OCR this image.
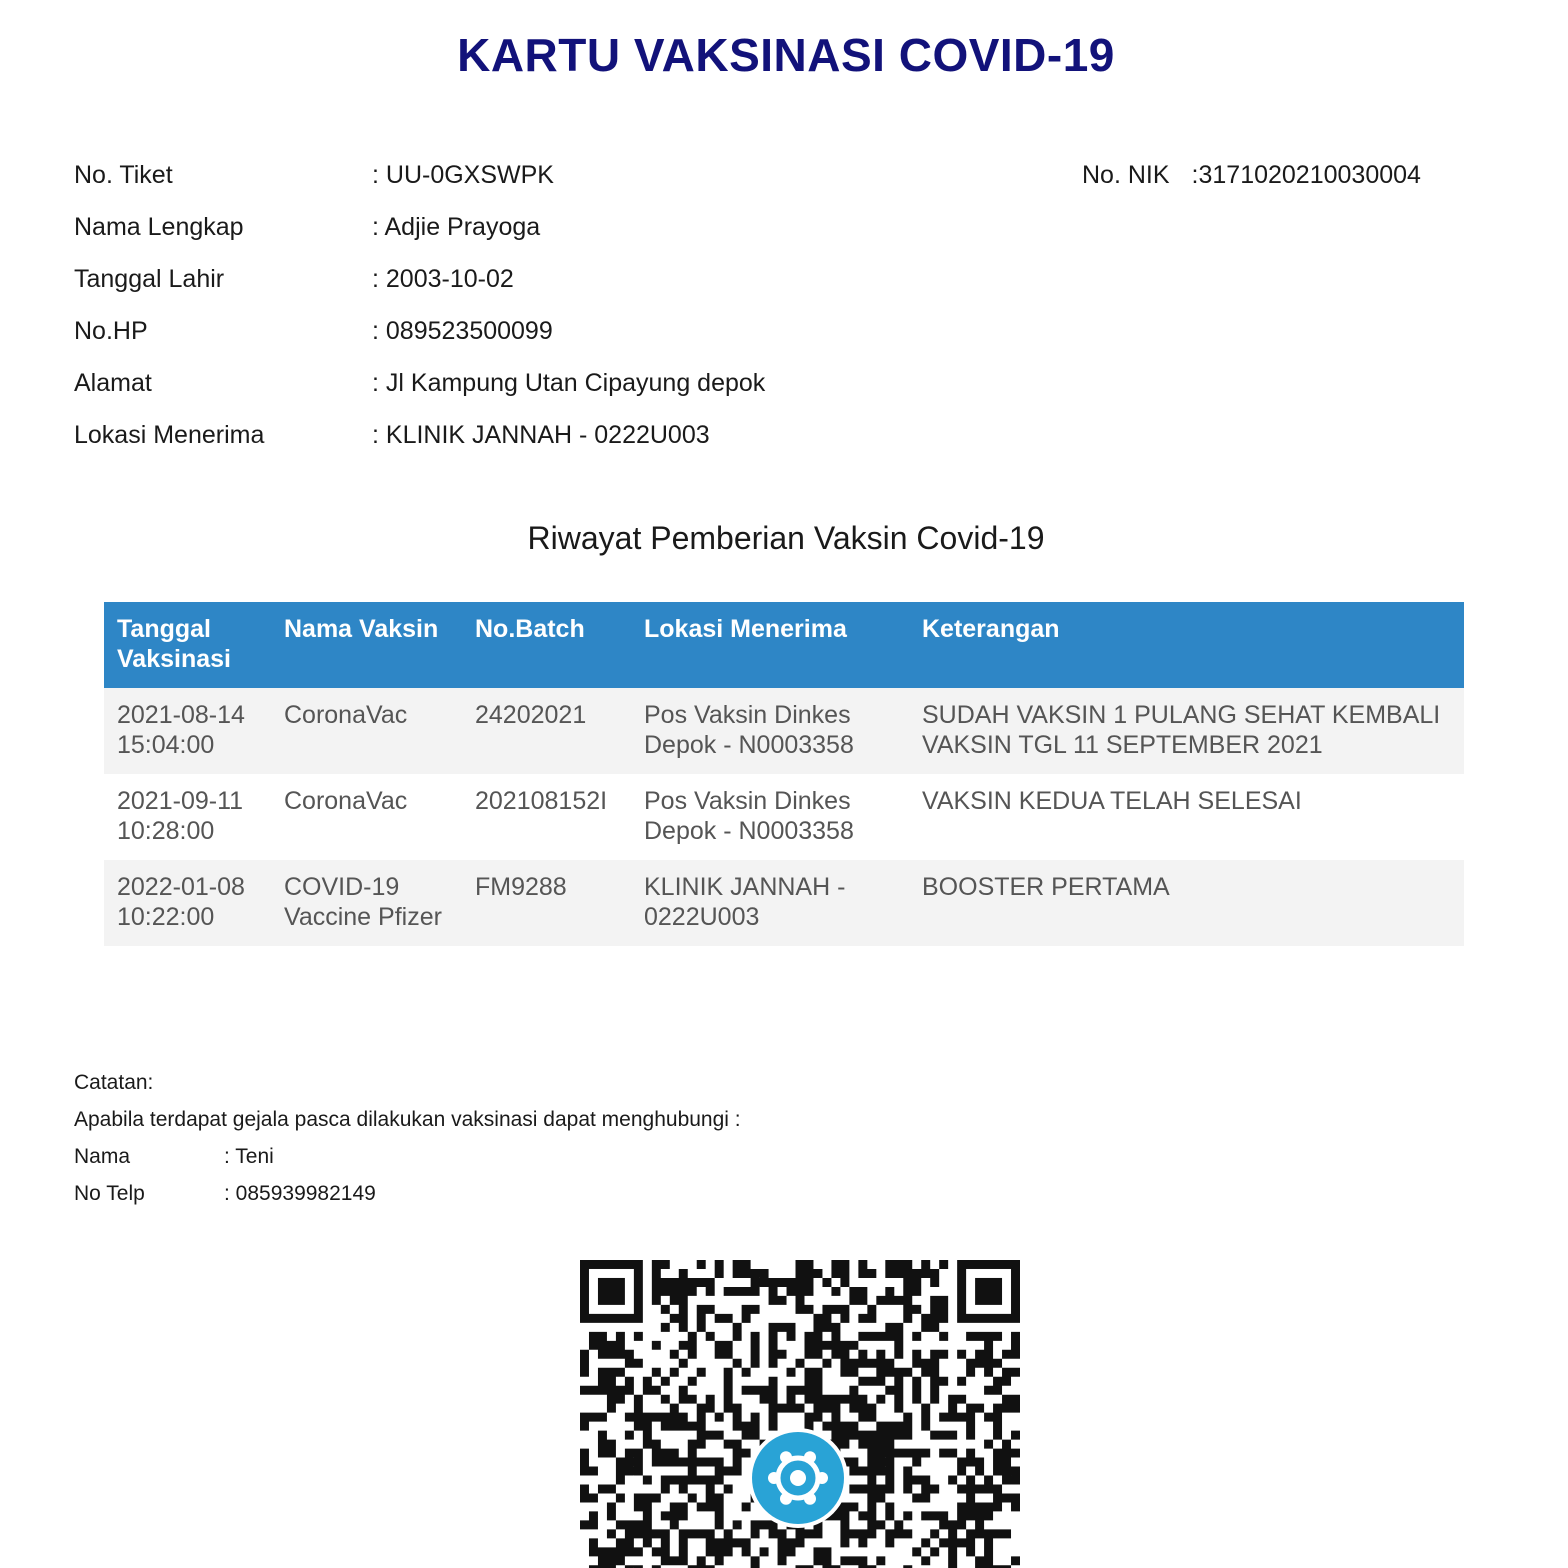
KARTU VAKSINASI COVID-19
No. Tiket	: UU-0GXSWPK
Nama Lengkap	: Adjie Prayoga
Tanggal Lahir	: 2003-10-02
No.HP	: 089523500099
Alamat	: Jl Kampung Utan Cipayung depok
Lokasi Menerima	: KLINIK JANNAH - 0222U003
No. NIK :3171020210030004
Riwayat Pemberian Vaksin Covid-19
Tanggal Vaksinasi	Nama Vaksin	No.Batch	Lokasi Menerima	Keterangan
2021-08-14 15:04:00	CoronaVac	24202021	Pos Vaksin Dinkes Depok - N0003358	SUDAH VAKSIN 1 PULANG SEHAT KEMBALI VAKSIN TGL 11 SEPTEMBER 2021
2021-09-11 10:28:00	CoronaVac	202108152I	Pos Vaksin Dinkes Depok - N0003358	VAKSIN KEDUA TELAH SELESAI
2022-01-08 10:22:00	COVID-19 Vaccine Pfizer	FM9288	KLINIK JANNAH - 0222U003	BOOSTER PERTAMA
Catatan:
Apabila terdapat gejala pasca dilakukan vaksinasi dapat menghubungi :
Nama	: Teni
No Telp	: 085939982149
